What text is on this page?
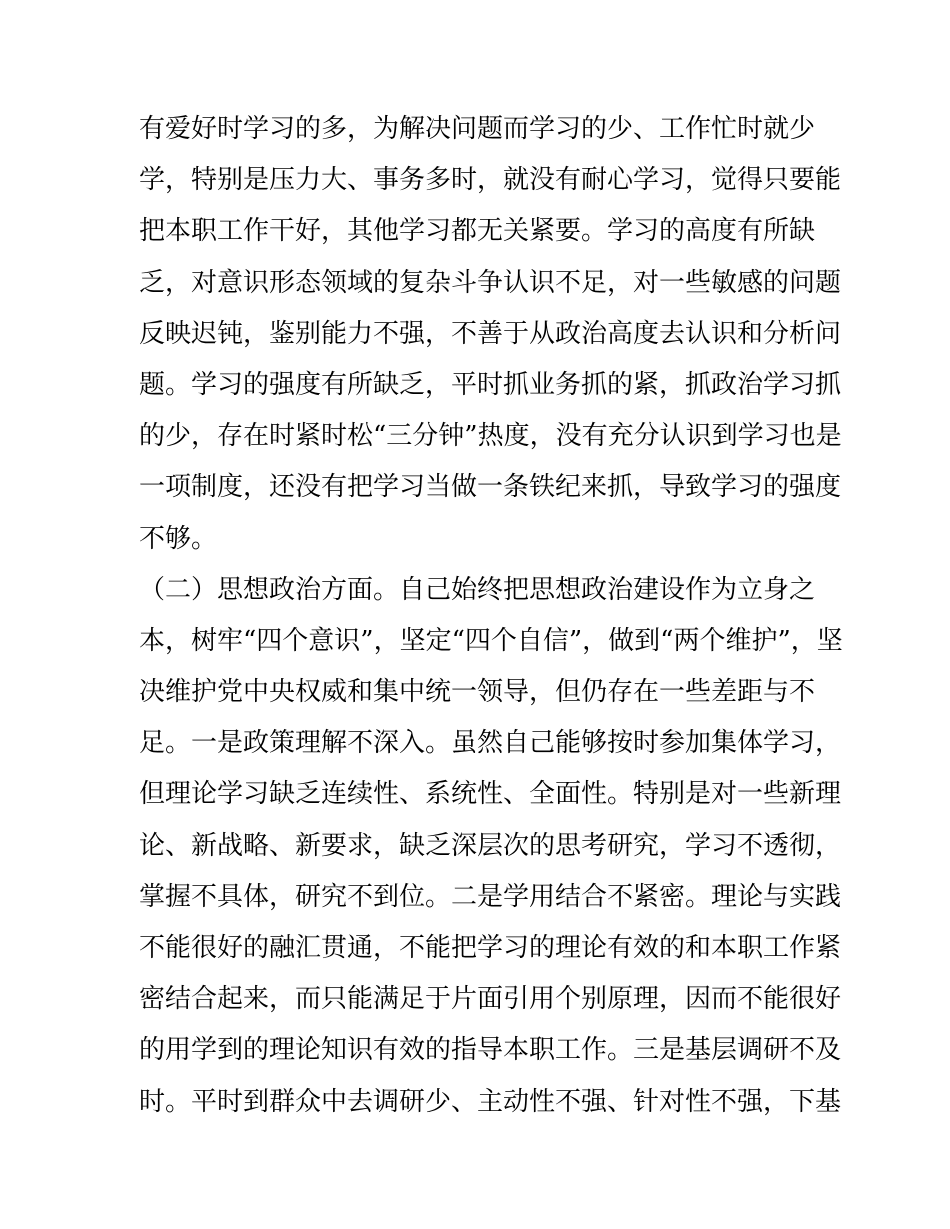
有爱好时学习的多，为解决问题而学习的少、工作忙时就少
学，特别是压力大、事务多时，就没有耐心学习，觉得只要能
把本职工作干好，其他学习都无关紧要。学习的高度有所缺
乏，对意识形态领域的复杂斗争认识不足，对一些敏感的问题
反映迟钝，鉴别能力不强，不善于从政治高度去认识和分析问
题。学习的强度有所缺乏，平时抓业务抓的紧，抓政治学习抓
的少，存在时紧时松“三分钟”热度，没有充分认识到学习也是
一项制度，还没有把学习当做一条铁纪来抓，导致学习的强度
不够。
（二）思想政治方面。自己始终把思想政治建设作为立身之
本，树牢“四个意识”，坚定“四个自信”，做到“两个维护”，坚
决维护党中央权威和集中统一领导，但仍存在一些差距与不
足。一是政策理解不深入。虽然自己能够按时参加集体学习，
但理论学习缺乏连续性、系统性、全面性。特别是对一些新理
论、新战略、新要求，缺乏深层次的思考研究，学习不透彻，
掌握不具体，研究不到位。二是学用结合不紧密。理论与实践
不能很好的融汇贯通，不能把学习的理论有效的和本职工作紧
密结合起来，而只能满足于片面引用个别原理，因而不能很好
的用学到的理论知识有效的指导本职工作。三是基层调研不及
时。平时到群众中去调研少、主动性不强、针对性不强，下基
